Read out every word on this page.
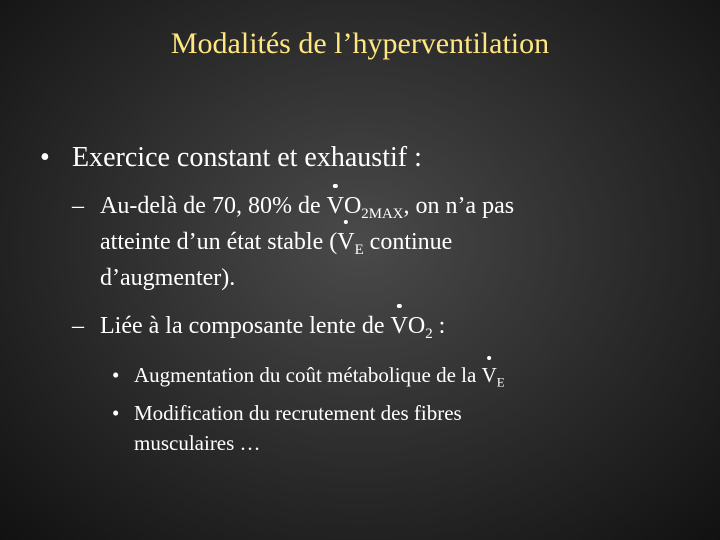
Modalités de l’hyperventilation
• Exercice constant et exhaustif :
– Au-delà de 70, 80% de $VO_{2MAX}$, on n’a pas
atteinte d’un état stable ($V_E$ continue
d’augmenter).
– Liée à la composante lente de $VO_2$ :
• Augmentation du coût métabolique de la $V_E$
• Modification du recrutement des fibres
musculaires …
